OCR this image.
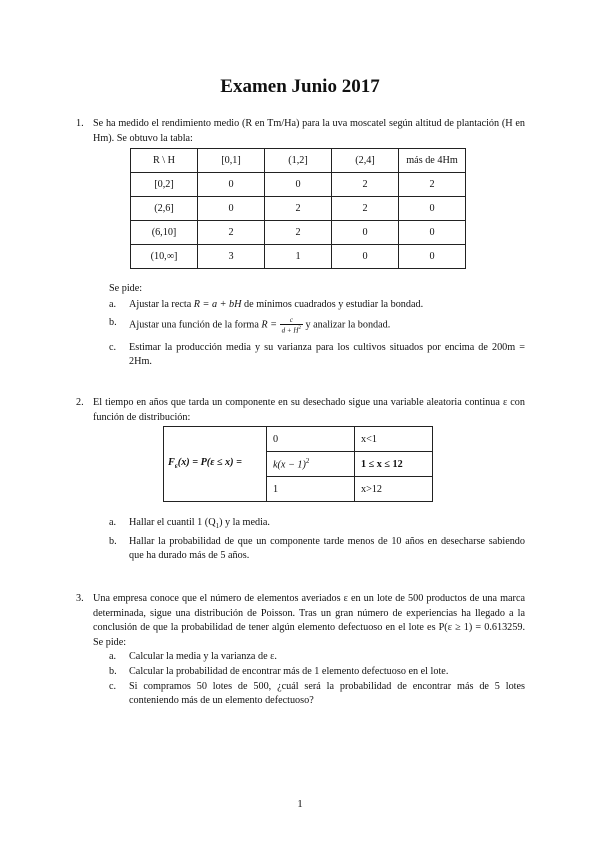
Examen Junio 2017
1. Se ha medido el rendimiento medio (R en Tm/Ha) para la uva moscatel según altitud de plantación (H en Hm). Se obtuvo la tabla:
R \ H	[0,1]	(1,2]	(2,4]	más de 4Hm
[0,2]	0	0	2	2
(2,6]	0	2	2	0
(6,10]	2	2	0	0
(10,∞]	3	1	0	0
Se pide:
a. Ajustar la recta R = a + bH de mínimos cuadrados y estudiar la bondad.
b. Ajustar una función de la forma $R = \frac{c}{d + H^2}$ y analizar la bondad.
c. Estimar la producción media y su varianza para los cultivos situados por encima de 200m = 2Hm.
2. El tiempo en años que tarda un componente en su desechado sigue una variable aleatoria continua ε con función de distribución:
$F_\varepsilon(x) = P(\varepsilon \le x)$ =	0	x<1
	$k(x - 1)^2$	1 ≤ x ≤ 12
	1	x>12
a. Hallar el cuantil 1 $(Q_1)$ y la media.
b. Hallar la probabilidad de que un componente tarde menos de 10 años en desecharse sabiendo que ha durado más de 5 años.
3. Una empresa conoce que el número de elementos averiados ε en un lote de 500 productos de una marca determinada, sigue una distribución de Poisson. Tras un gran número de experiencias ha llegado a la conclusión de que la probabilidad de tener algún elemento defectuoso en el lote es P(ε ≥ 1) = 0.613259. Se pide:
a. Calcular la media y la varianza de ε.
b. Calcular la probabilidad de encontrar más de 1 elemento defectuoso en el lote.
c. Si compramos 50 lotes de 500, ¿cuál será la probabilidad de encontrar más de 5 lotes conteniendo más de un elemento defectuoso?
1
